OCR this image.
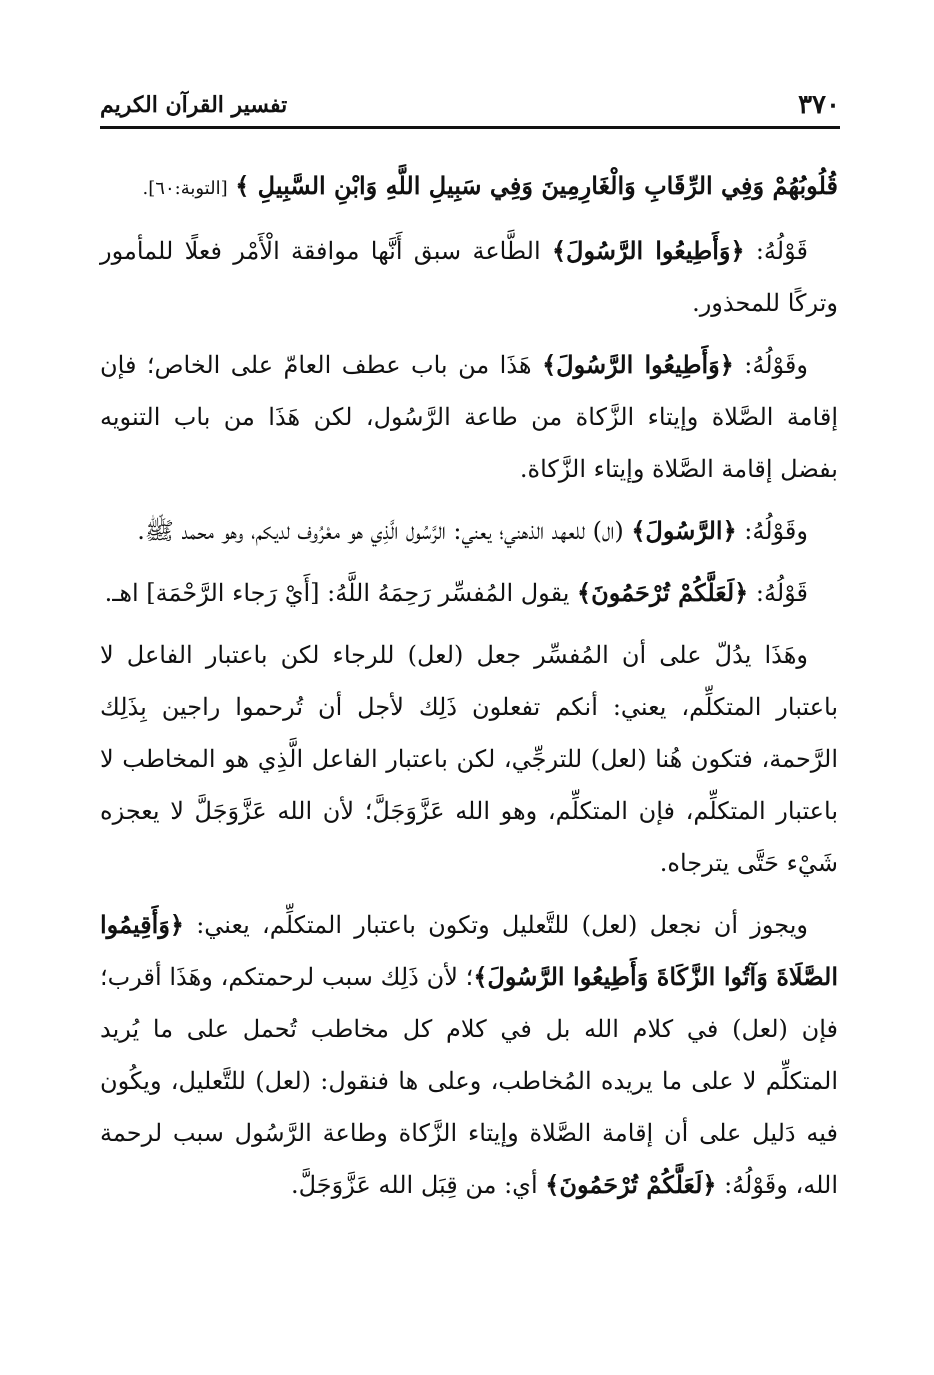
٣٧٠
تفسير القرآن الكريم

قُلُوبُهُمْ وَفِي الرِّقَابِ وَالْغَارِمِينَ وَفِي سَبِيلِ اللَّهِ وَابْنِ السَّبِيلِ ﴾ [التوبة:٦٠].

قَوْلُهُ: ﴿وَأَطِيعُوا الرَّسُولَ﴾ الطَّاعة سبق أَنَّها موافقة الْأَمْر فعلًا للمأمور وتركًا للمحذور.

وقَوْلُهُ: ﴿وَأَطِيعُوا الرَّسُولَ﴾ هَذَا من باب عطف العامّ على الخاص؛ فإن إقامة الصَّلاة وإيتاء الزَّكاة من طاعة الرَّسُول، لكن هَذَا من باب التنويه بفضل إقامة الصَّلاة وإيتاء الزَّكاة.

وقَوْلُهُ: ﴿الرَّسُولَ﴾ (ال) للعهد الذهني؛ يعني: الرَّسُول الَّذِي هو معْرُوف لديكم، وهو محمد ﷺ.

قَوْلُهُ: ﴿لَعَلَّكُمْ تُرْحَمُونَ﴾ يقول المُفسِّر رَحِمَهُ اللَّهُ: [أَيْ رَجاء الرَّحْمَة] اهـ.

وهَذَا يدُلّ على أن المُفسِّر جعل (لعل) للرجاء لكن باعتبار الفاعل لا باعتبار المتكلِّم، يعني: أنكم تفعلون ذَلِك لأجل أن تُرحموا راجين بِذَلِك الرَّحمة، فتكون هُنا (لعل) للترجِّي، لكن باعتبار الفاعل الَّذِي هو المخاطب لا باعتبار المتكلِّم، فإن المتكلِّم، وهو الله عَزَّوَجَلَّ؛ لأن الله عَزَّوَجَلَّ لا يعجزه شَيْء حَتَّى يترجاه.

ويجوز أن نجعل (لعل) للتَّعليل وتكون باعتبار المتكلِّم، يعني: ﴿وَأَقِيمُوا الصَّلَاةَ وَآتُوا الزَّكَاةَ وَأَطِيعُوا الرَّسُولَ﴾؛ لأن ذَلِك سبب لرحمتكم، وهَذَا أقرب؛ فإن (لعل) في كلام الله بل في كلام كل مخاطب تُحمل على ما يُريد المتكلِّم لا على ما يريده المُخاطب، وعلى ها فنقول: (لعل) للتَّعليل، ويكُون فيه دَليل على أن إقامة الصَّلاة وإيتاء الزَّكاة وطاعة الرَّسُول سبب لرحمة الله، وقَوْلُهُ: ﴿لَعَلَّكُمْ تُرْحَمُونَ﴾ أي: من قِبَل الله عَزَّوَجَلَّ.
